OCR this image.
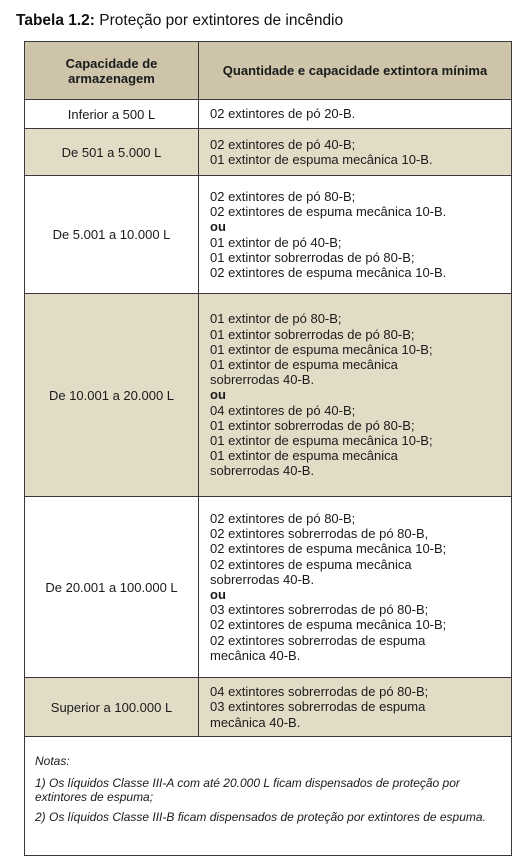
Tabela 1.2: Proteção por extintores de incêndio
Capacidade de armazenagem	Quantidade e capacidade extintora mínima
Inferior a 500 L	02 extintores de pó 20-B.
De 501 a 5.000 L
02 extintores de pó 40-B;
01 extintor de espuma mecânica 10-B.
De 5.001 a 10.000 L
02 extintores de pó 80-B;
02 extintores de espuma mecânica 10-B.
ou
01 extintor de pó 40-B;
01 extintor sobrerrodas de pó 80-B;
02 extintores de espuma mecânica 10-B.
De 10.001 a 20.000 L
01 extintor de pó 80-B;
01 extintor sobrerrodas de pó 80-B;
01 extintor de espuma mecânica 10-B;
01 extintor de espuma mecânica
sobrerrodas 40-B.
ou
04 extintores de pó 40-B;
01 extintor sobrerrodas de pó 80-B;
01 extintor de espuma mecânica 10-B;
01 extintor de espuma mecânica
sobrerrodas 40-B.
De 20.001 a 100.000 L
02 extintores de pó 80-B;
02 extintores sobrerrodas de pó 80-B,
02 extintores de espuma mecânica 10-B;
02 extintores de espuma mecânica
sobrerrodas 40-B.
ou
03 extintores sobrerrodas de pó 80-B;
02 extintores de espuma mecânica 10-B;
02 extintores sobrerrodas de espuma
mecânica 40-B.
Superior a 100.000 L
04 extintores sobrerrodas de pó 80-B;
03 extintores sobrerrodas de espuma
mecânica 40-B.
Notas:
1) Os líquidos Classe III-A com até 20.000 L ficam dispensados de proteção por extintores de espuma;
2) Os líquidos Classe III-B ficam dispensados de proteção por extintores de espuma.
